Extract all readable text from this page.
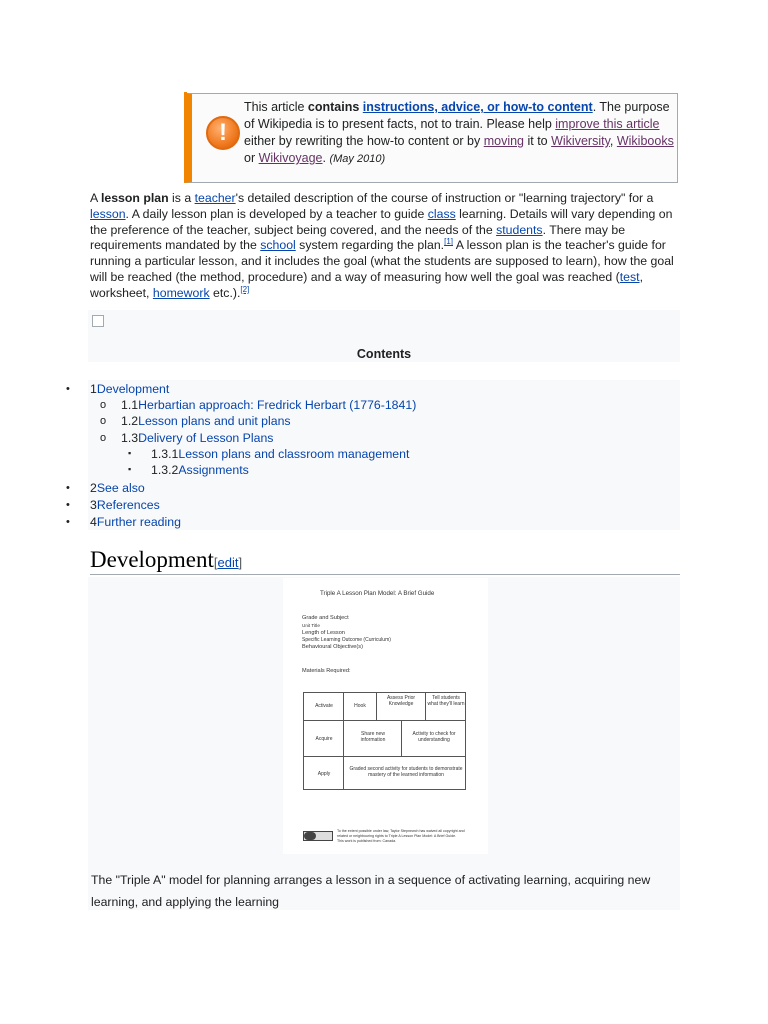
!
This article contains instructions, advice, or how-to content. The purpose of Wikipedia is to present facts, not to train. Please help improve this article either by rewriting the how-to content or by moving it to Wikiversity, Wikibooks or Wikivoyage. (May 2010)
A lesson plan is a teacher's detailed description of the course of instruction or "learning trajectory" for a lesson. A daily lesson plan is developed by a teacher to guide class learning. Details will vary depending on the preference of the teacher, subject being covered, and the needs of the students. There may be requirements mandated by the school system regarding the plan.[1] A lesson plan is the teacher's guide for running a particular lesson, and it includes the goal (what the students are supposed to learn), how the goal will be reached (the method, procedure) and a way of measuring how well the goal was reached (test, worksheet, homework etc.).[2]
Contents
• 1Development
o 1.1Herbartian approach: Fredrick Herbart (1776-1841)
o 1.2Lesson plans and unit plans
o 1.3Delivery of Lesson Plans
▪ 1.3.1Lesson plans and classroom management
▪ 1.3.2Assignments
• 2See also
• 3References
• 4Further reading
Development[edit]
Triple A Lesson Plan Model: A Brief Guide
Grade and Subject
Unit Title
Length of Lesson
Specific Learning Outcome (Curriculum)
Behavioural Objective(s)
Materials Required:
Activate	Hook
Assess Prior Knowledge
Tell students what they'll learn
Acquire
Share new information
Activity to check for understanding
Apply
Graded second activity for students to demonstrate mastery of the learned information
To the extent possible under law, Taylor Stepnewch has waived all copyright and
related or neighbouring rights to Triple A Lesson Plan Model: A Brief Guide.
This work is published from: Canada.
The "Triple A" model for planning arranges a lesson in a sequence of activating learning, acquiring new learning, and applying the learning
